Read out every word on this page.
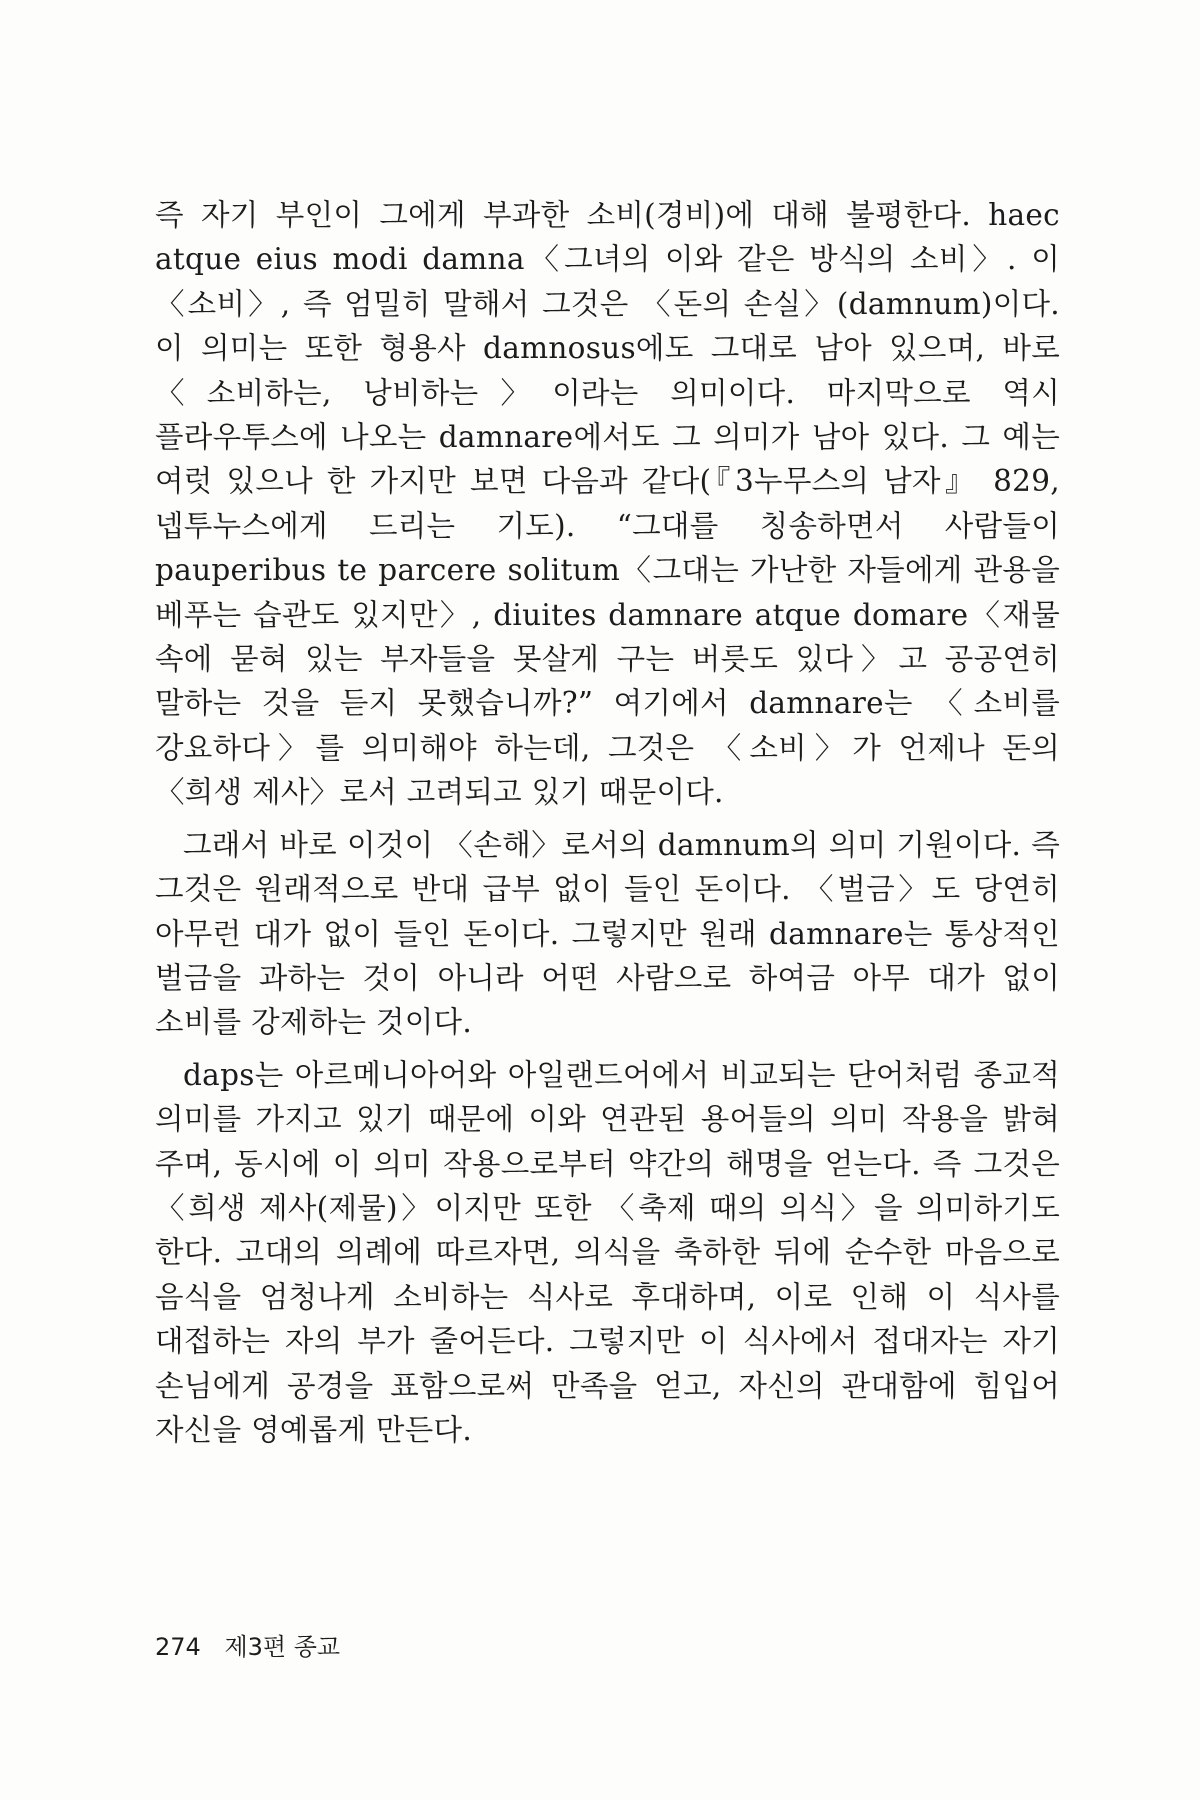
즉 자기 부인이 그에게 부과한 소비(경비)에 대해 불평한다. haec atque eius modi damna〈그녀의 이와 같은 방식의 소비〉. 이 〈소비〉, 즉 엄밀히 말해서 그것은 〈돈의 손실〉(damnum)이다. 이 의미는 또한 형용사 damnosus에도 그대로 남아 있으며, 바로 〈소비하는, 낭비하는〉이라는 의미이다. 마지막으로 역시 플라우투스에 나오는 damnare에서도 그 의미가 남아 있다. 그 예는 여럿 있으나 한 가지만 보면 다음과 같다(『3누무스의 남자』 829, 넵투누스에게 드리는 기도). “그대를 칭송하면서 사람들이 pauperibus te parcere solitum〈그대는 가난한 자들에게 관용을 베푸는 습관도 있지만〉, diuites damnare atque domare〈재물 속에 묻혀 있는 부자들을 못살게 구는 버릇도 있다〉고 공공연히 말하는 것을 듣지 못했습니까?” 여기에서 damnare는 〈소비를 강요하다〉를 의미해야 하는데, 그것은 〈소비〉가 언제나 돈의 〈희생 제사〉로서 고려되고 있기 때문이다.

그래서 바로 이것이 〈손해〉로서의 damnum의 의미 기원이다. 즉 그것은 원래적으로 반대 급부 없이 들인 돈이다. 〈벌금〉도 당연히 아무런 대가 없이 들인 돈이다. 그렇지만 원래 damnare는 통상적인 벌금을 과하는 것이 아니라 어떤 사람으로 하여금 아무 대가 없이 소비를 강제하는 것이다.

daps는 아르메니아어와 아일랜드어에서 비교되는 단어처럼 종교적 의미를 가지고 있기 때문에 이와 연관된 용어들의 의미 작용을 밝혀 주며, 동시에 이 의미 작용으로부터 약간의 해명을 얻는다. 즉 그것은 〈희생 제사(제물)〉이지만 또한 〈축제 때의 의식〉을 의미하기도 한다. 고대의 의례에 따르자면, 의식을 축하한 뒤에 순수한 마음으로 음식을 엄청나게 소비하는 식사로 후대하며, 이로 인해 이 식사를 대접하는 자의 부가 줄어든다. 그렇지만 이 식사에서 접대자는 자기 손님에게 공경을 표함으로써 만족을 얻고, 자신의 관대함에 힘입어 자신을 영예롭게 만든다.

274 제3편 종교
